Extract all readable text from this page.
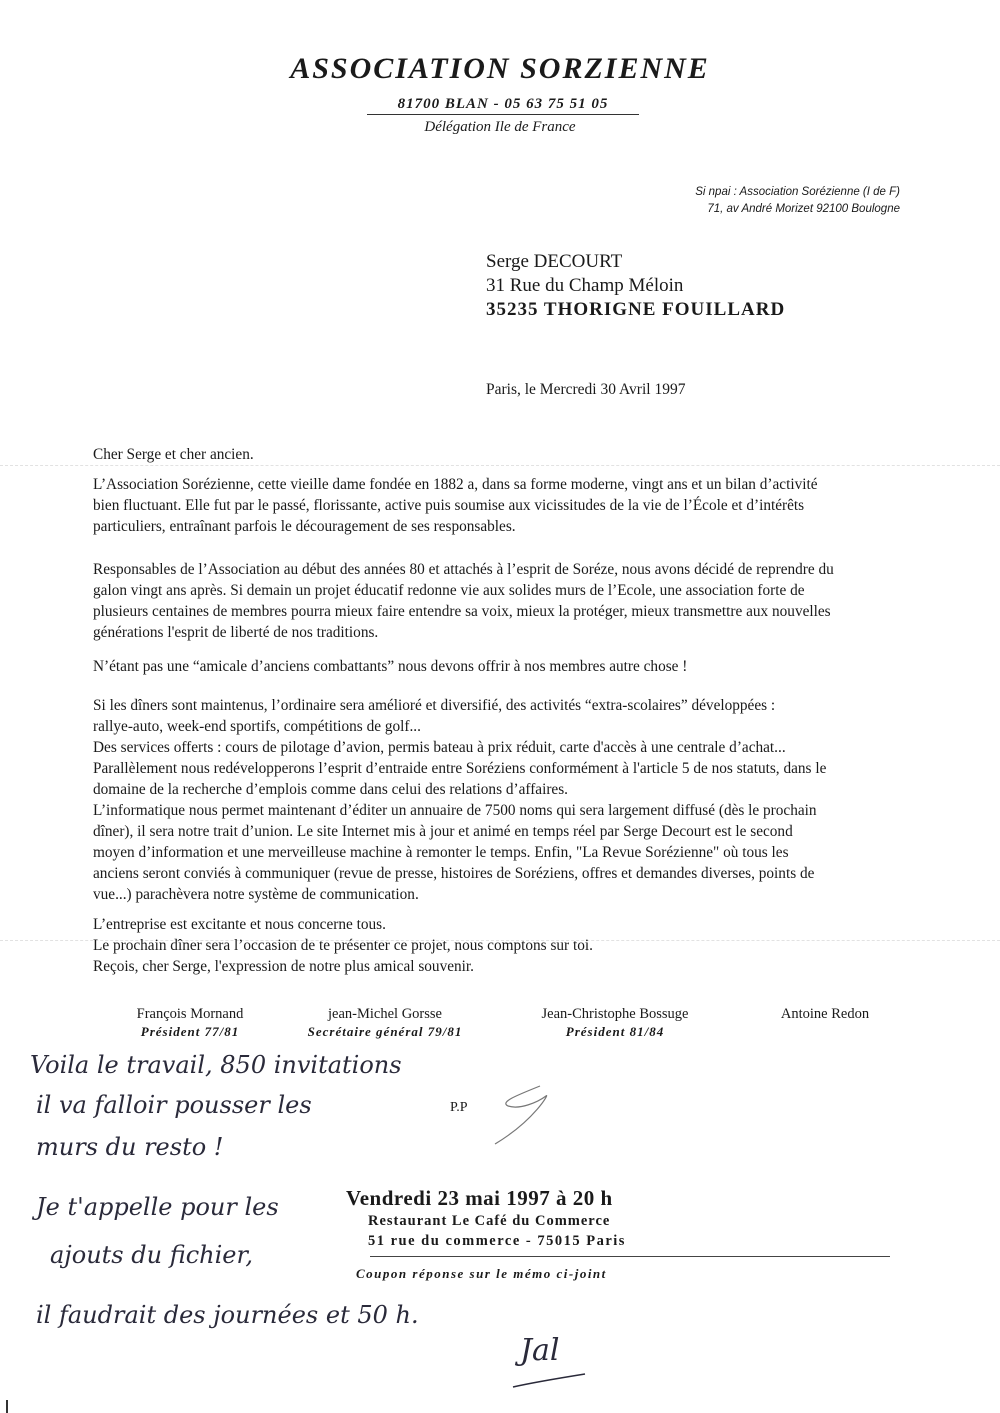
ASSOCIATION SORZIENNE
81700 BLAN - 05 63 75 51 05
Délégation Ile de France
Si npai : Association Sorézienne (I de F)
71, av André Morizet 92100 Boulogne
Serge DECOURT
31 Rue du Champ Méloin
35235 THORIGNE FOUILLARD
Paris, le Mercredi 30 Avril 1997
Cher Serge et cher ancien.
L’Association Sorézienne, cette vieille dame fondée en 1882 a, dans sa forme moderne, vingt ans et un bilan d’activité
bien fluctuant. Elle fut par le passé, florissante, active puis soumise aux vicissitudes de la vie de l’École et d’intérêts
particuliers, entraînant parfois le découragement de ses responsables.
Responsables de l’Association au début des années 80 et attachés à l’esprit de Soréze, nous avons décidé de reprendre du
galon vingt ans après. Si demain un projet éducatif redonne vie aux solides murs de l’Ecole, une association forte de
plusieurs centaines de membres pourra mieux faire entendre sa voix, mieux la protéger, mieux transmettre aux nouvelles
générations l'esprit de liberté de nos traditions.
N’étant pas une “amicale d’anciens combattants” nous devons offrir à nos membres autre chose !
Si les dîners sont maintenus, l’ordinaire sera amélioré et diversifié, des activités “extra-scolaires” développées :
rallye-auto, week-end sportifs, compétitions de golf...
Des services offerts : cours de pilotage d’avion, permis bateau à prix réduit, carte d'accès à une centrale d’achat...
Parallèlement nous redévelopperons l’esprit d’entraide entre Soréziens conformément à l'article 5 de nos statuts, dans le
domaine de la recherche d’emplois comme dans celui des relations d’affaires.
L’informatique nous permet maintenant d’éditer un annuaire de 7500 noms qui sera largement diffusé (dès le prochain
dîner), il sera notre trait d’union. Le site Internet mis à jour et animé en temps réel par Serge Decourt est le second
moyen d’information et une merveilleuse machine à remonter le temps. Enfin, "La Revue Sorézienne" où tous les
anciens seront conviés à communiquer (revue de presse, histoires de Soréziens, offres et demandes diverses, points de
vue...) parachèvera notre système de communication.
L’entreprise est excitante et nous concerne tous.
Le prochain dîner sera l’occasion de te présenter ce projet, nous comptons sur toi.
Reçois, cher Serge, l'expression de notre plus amical souvenir.
François Mornand
Président 77/81
jean-Michel Gorsse
Secrétaire général 79/81
Jean-Christophe Bossuge
Président 81/84
Antoine Redon
P.P
Voila le travail, 850 invitations
il va falloir pousser les
murs du resto !
Je t'appelle pour les
ajouts du fichier,
il faudrait des journées et 50 h.
Jal
Vendredi 23 mai 1997 à 20 h
Restaurant Le Café du Commerce
51 rue du commerce - 75015 Paris
Coupon réponse sur le mémo ci-joint
